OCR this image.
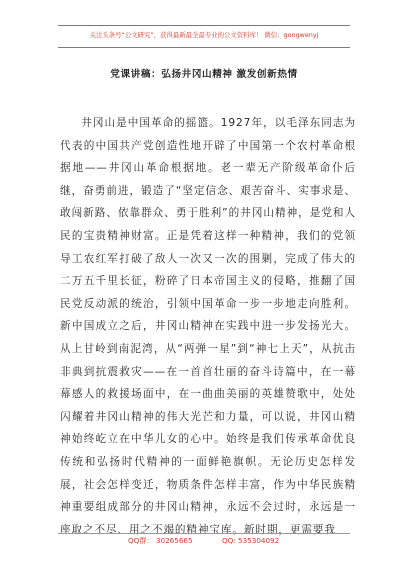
关注头条号“公文研究”，获得最新最全最专业的公文资料库！ 微信：gongwenyj
党课讲稿：弘扬井冈山精神 激发创新热情

井冈山是中国革命的摇篮。1927年，以毛泽东同志为代表的中国共产党创造性地开辟了中国第一个农村革命根据地——井冈山革命根据地。老一辈无产阶级革命仆后继，奋勇前进，锻造了“坚定信念、艰苦奋斗、实事求是、敢闯新路、依靠群众、勇于胜利”的井冈山精神，是党和人民的宝贵精神财富。正是凭着这样一种精神，我们的党领导工农红军打破了敌人一次又一次的围剿，完成了伟大的二万五千里长征，粉碎了日本帝国主义的侵略，推翻了国民党反动派的统治，引领中国革命一步一步地走向胜利。新中国成立之后，井冈山精神在实践中进一步发扬光大。从上甘岭到南泥湾，从“两弹一星”到“神七上天”，从抗击非典到抗震救灾——在一首首壮丽的奋斗诗篇中，在一幕幕感人的救援场面中，在一曲曲美丽的英雄赞歌中，处处闪耀着井冈山精神的伟大光芒和力量，可以说，井冈山精神始终屹立在中华儿女的心中。始终是我们传承革命优良传统和弘扬时代精神的一面鲜艳旗帜。无论历史怎样发展，社会怎样变迁，物质条件怎样丰富，作为中华民族精神重要组成部分的井冈山精神，永远不会过时，永远是一座取之不尽、用之不竭的精神宝库。新时期，更需要我

QQ群： 30265665	QQ: 535304092
